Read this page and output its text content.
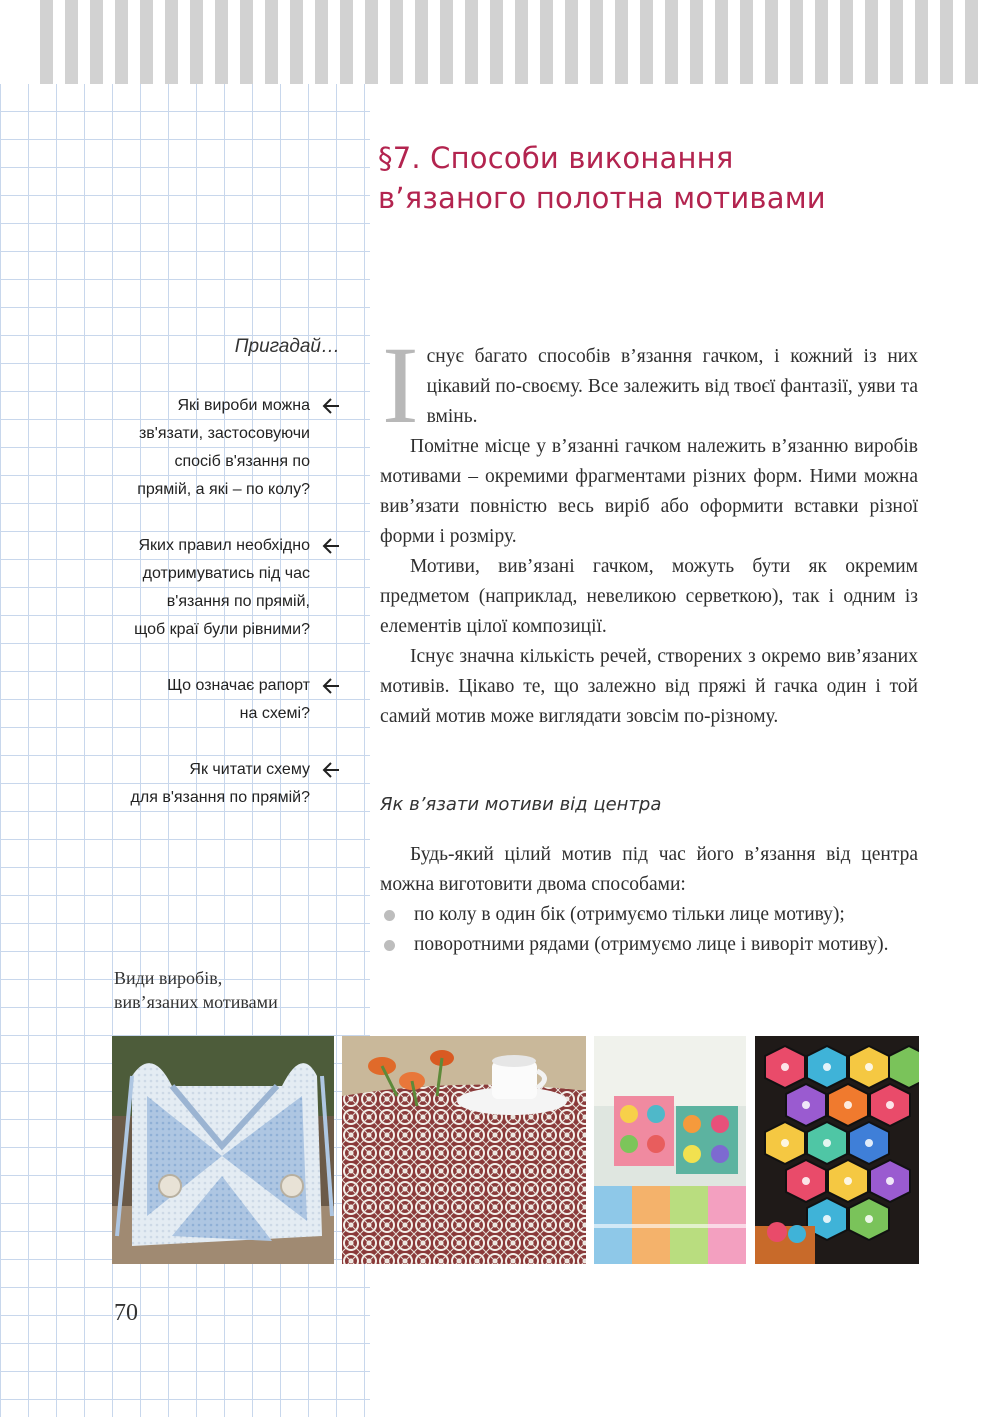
§7. Способи виконання
в’язаного полотна мотивами
Пригадай…
Які вироби можна
зв'язати, застосовуючи
спосіб в'язання по
прямій, а які – по колу?
Яких правил необхідно
дотримуватись під час
в'язання по прямій,
щоб краї були рівними?
Що означає рапорт
на схемі?
Як читати схему
для в'язання по прямій?

Існує багато способів в’язання гачком, і кожний із них цікавий по-своєму. Все залежить від твоєї фантазії, уяви та вмінь.

Помітне місце у в’язанні гачком належить в’язанню виробів мотивами – окремими фрагментами різних форм. Ними можна вив’язати повністю весь виріб або оформити вставки різної форми і розміру.

Мотиви, вив’язані гачком, можуть бути як окремим предметом (наприклад, невеликою серветкою), так і одним із елементів цілої композиції.

Існує значна кількість речей, створених з окремо вив’язаних мотивів. Цікаво те, що залежно від пряжі й гачка один і той самий мотив може виглядати зовсім по-різному.

Як в’язати мотиви від центра

Будь-який цілий мотив під час його в’язання від центра можна виготовити двома способами:

по колу в один бік (отримуємо тільки лице мотиву);
поворотними рядами (отримуємо лице і виворіт мотиву).
Види виробів,
вив’язаних мотивами
70
